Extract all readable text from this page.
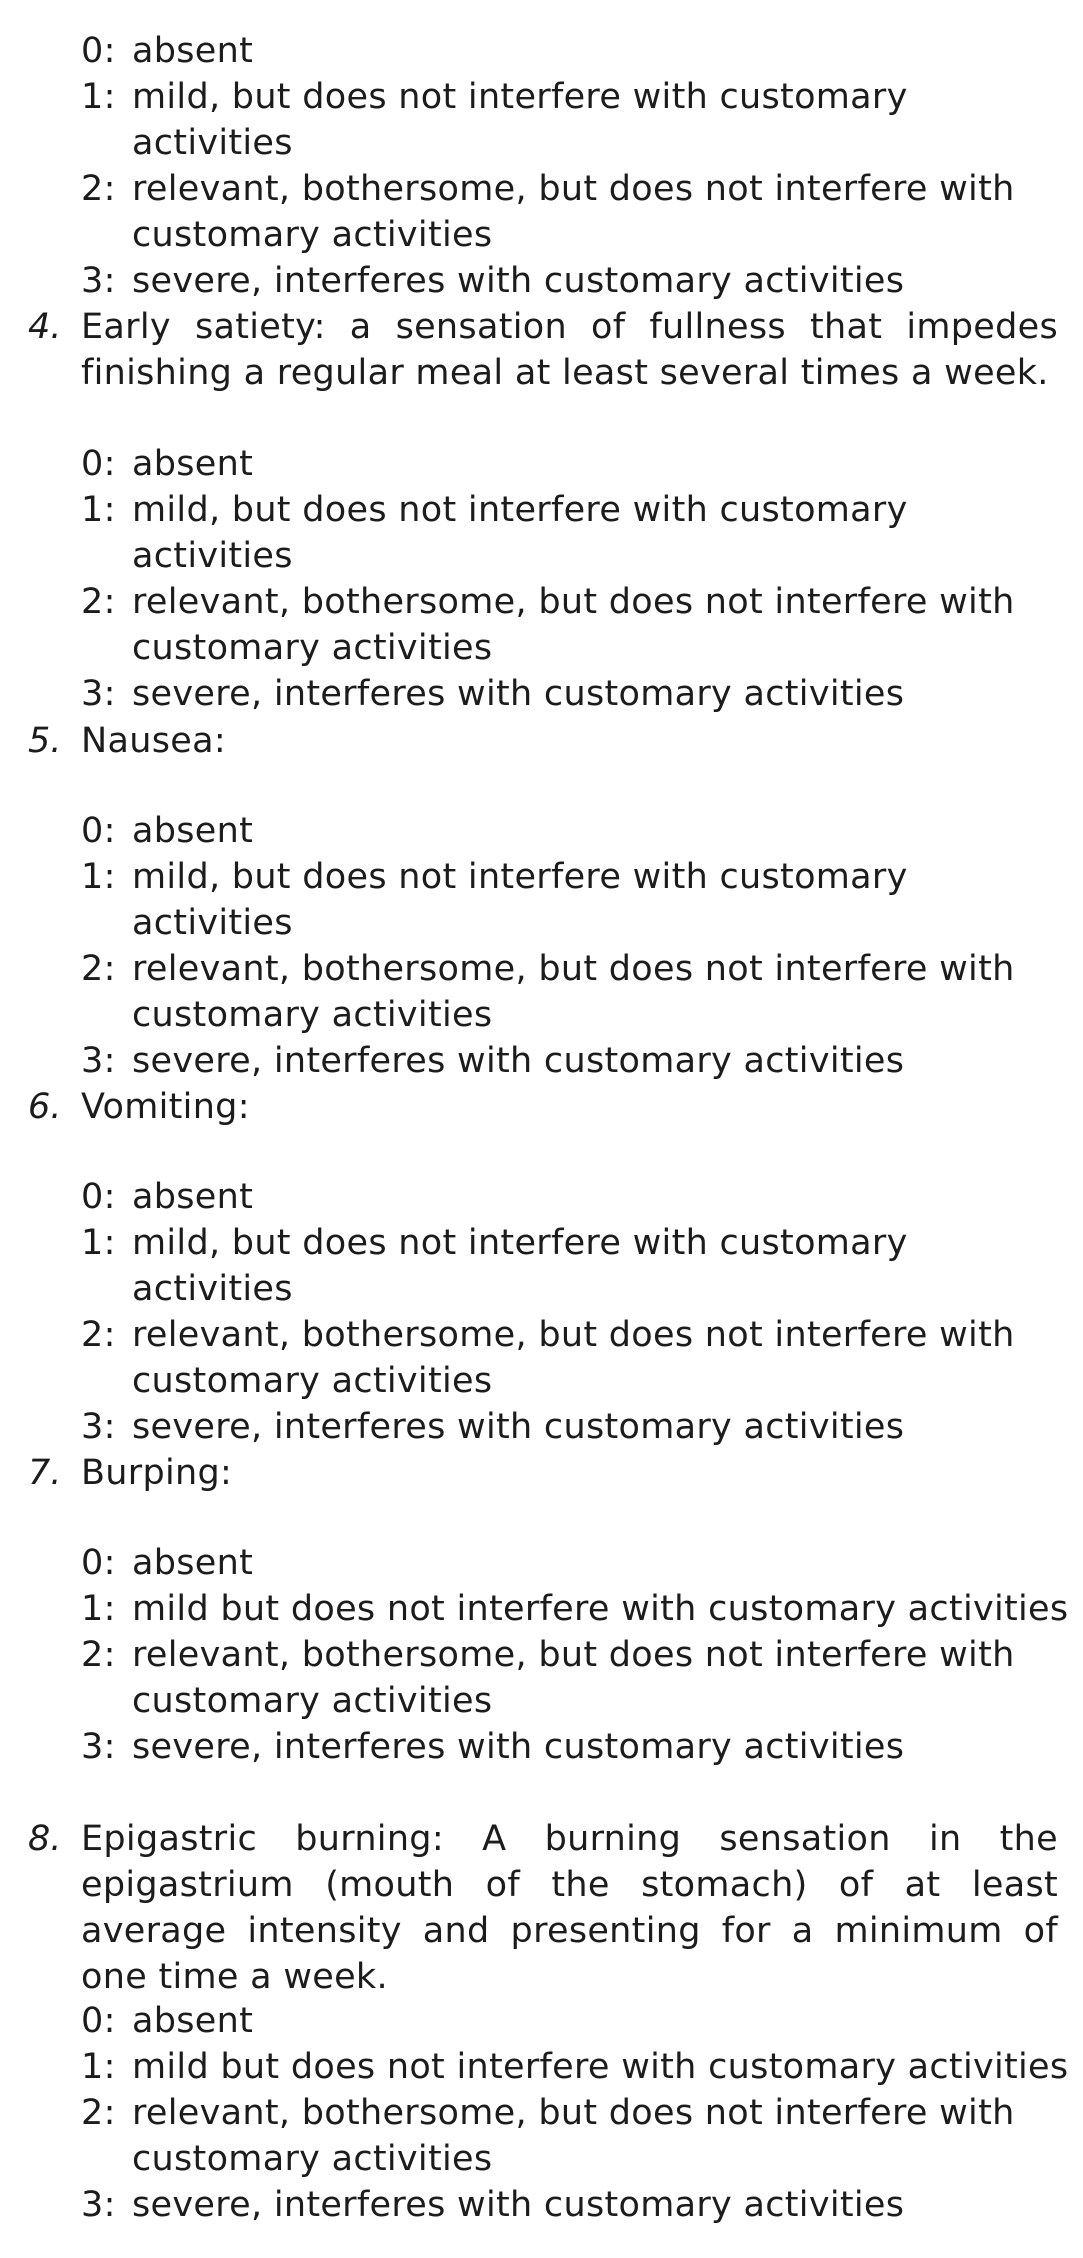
0: absent
1: mild, but does not interfere with customary activities
2: relevant, bothersome, but does not interfere with customary activities
3: severe, interferes with customary activities
4. Early satiety: a sensation of fullness that impedes finishing a regular meal at least several times a week.
0: absent
1: mild, but does not interfere with customary activities
2: relevant, bothersome, but does not interfere with customary activities
3: severe, interferes with customary activities
5. Nausea:
0: absent
1: mild, but does not interfere with customary activities
2: relevant, bothersome, but does not interfere with customary activities
3: severe, interferes with customary activities
6. Vomiting:
0: absent
1: mild, but does not interfere with customary activities
2: relevant, bothersome, but does not interfere with customary activities
3: severe, interferes with customary activities
7. Burping:
0: absent
1: mild but does not interfere with customary activities
2: relevant, bothersome, but does not interfere with customary activities
3: severe, interferes with customary activities
8. Epigastric burning: A burning sensation in the epigastrium (mouth of the stomach) of at least average intensity and presenting for a minimum of one time a week.
0: absent
1: mild but does not interfere with customary activities
2: relevant, bothersome, but does not interfere with customary activities
3: severe, interferes with customary activities
